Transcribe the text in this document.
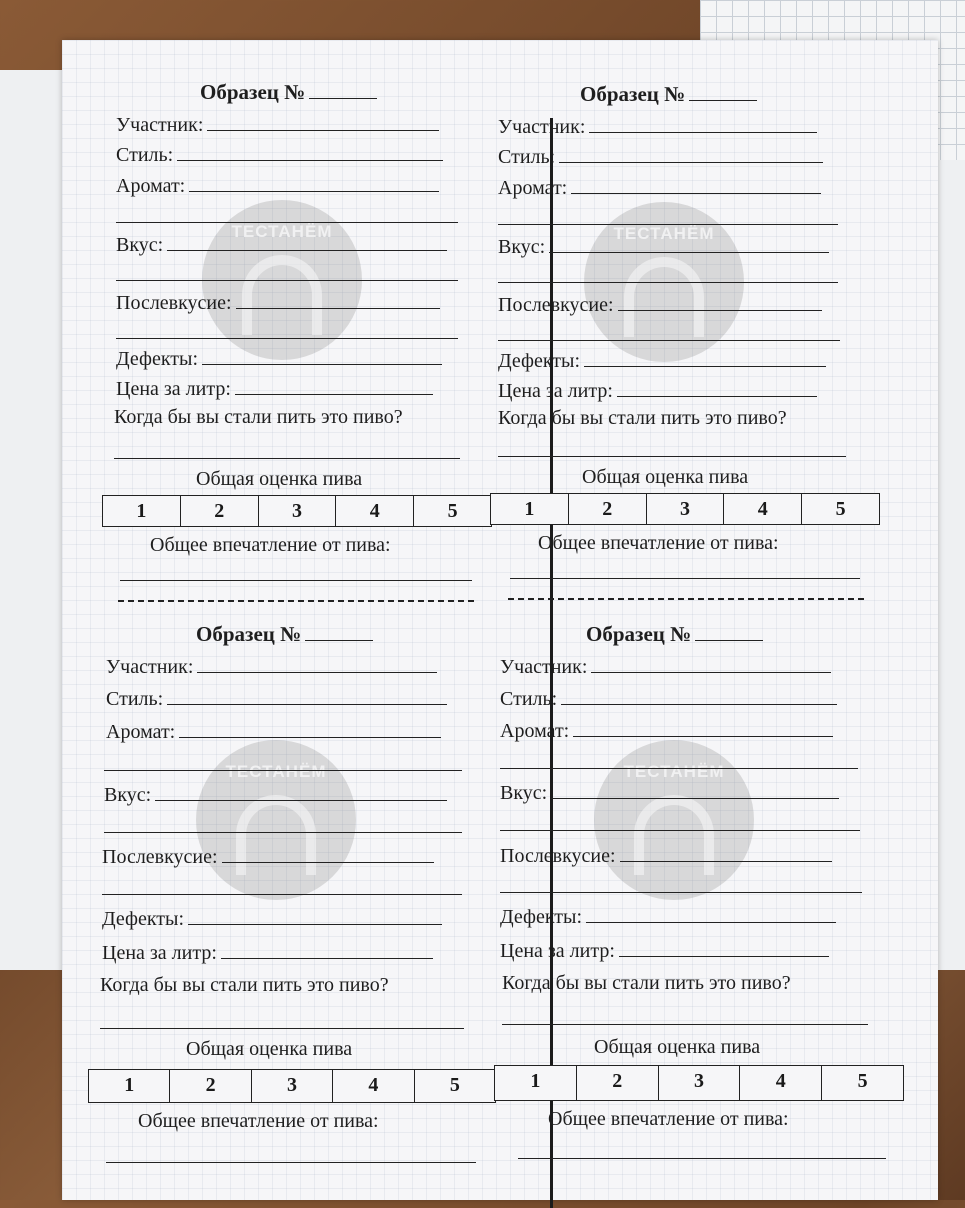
ТЕСТАНЁМ
Образец №
Участник:
Стиль:
Аромат:
Вкус:
Послевкусие:
Дефекты:
Цена за литр:
Когда бы вы стали пить это пиво?
Общая оценка пива
1	2	3	4	5
Общее впечатление от пива:
ТЕСТАНЁМ
Образец №
Участник:
Стиль:
Аромат:
Вкус:
Послевкусие:
Дефекты:
Цена за литр:
Когда бы вы стали пить это пиво?
Общая оценка пива
1	2	3	4	5
Общее впечатление от пива:
ТЕСТАНЁМ
Образец №
Участник:
Стиль:
Аромат:
Вкус:
Послевкусие:
Дефекты:
Цена за литр:
Когда бы вы стали пить это пиво?
Общая оценка пива
1	2	3	4	5
Общее впечатление от пива:
ТЕСТАНЁМ
Образец №
Участник:
Стиль:
Аромат:
Вкус:
Послевкусие:
Дефекты:
Цена за литр:
Когда бы вы стали пить это пиво?
Общая оценка пива
1	2	3	4	5
Общее впечатление от пива:
